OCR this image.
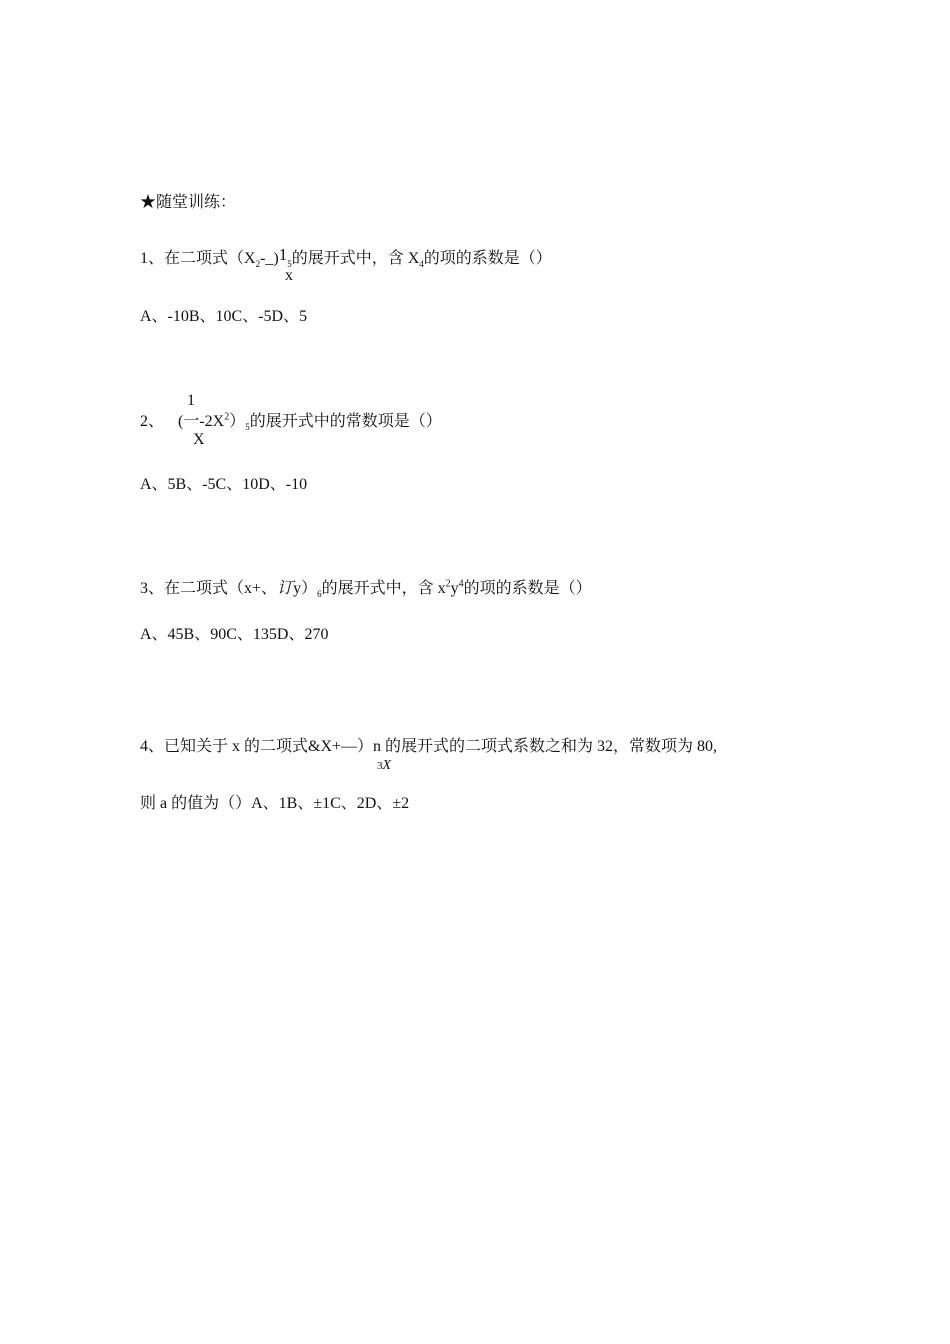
★随堂训练：
1、在二项式$(X_2-\_)1_5$的展开式中，含 $X_4$的项的系数是（）
x
A、-10B、10C、-5D、5
1
2、 (一$-2X^2)_5$的展开式中的常数项是（）
X
A、5B、-5C、10D、-10
3、在二项式（x+、订$y)_6$的展开式中，含 $x^2y^4$的项的系数是（）
A、45B、90C、135D、270
4、已知关于 x 的二项式&X+—）n 的展开式的二项式系数之和为 32，常数项为 80,
3X
则 a 的值为（）A、1B、±1C、2D、±2
